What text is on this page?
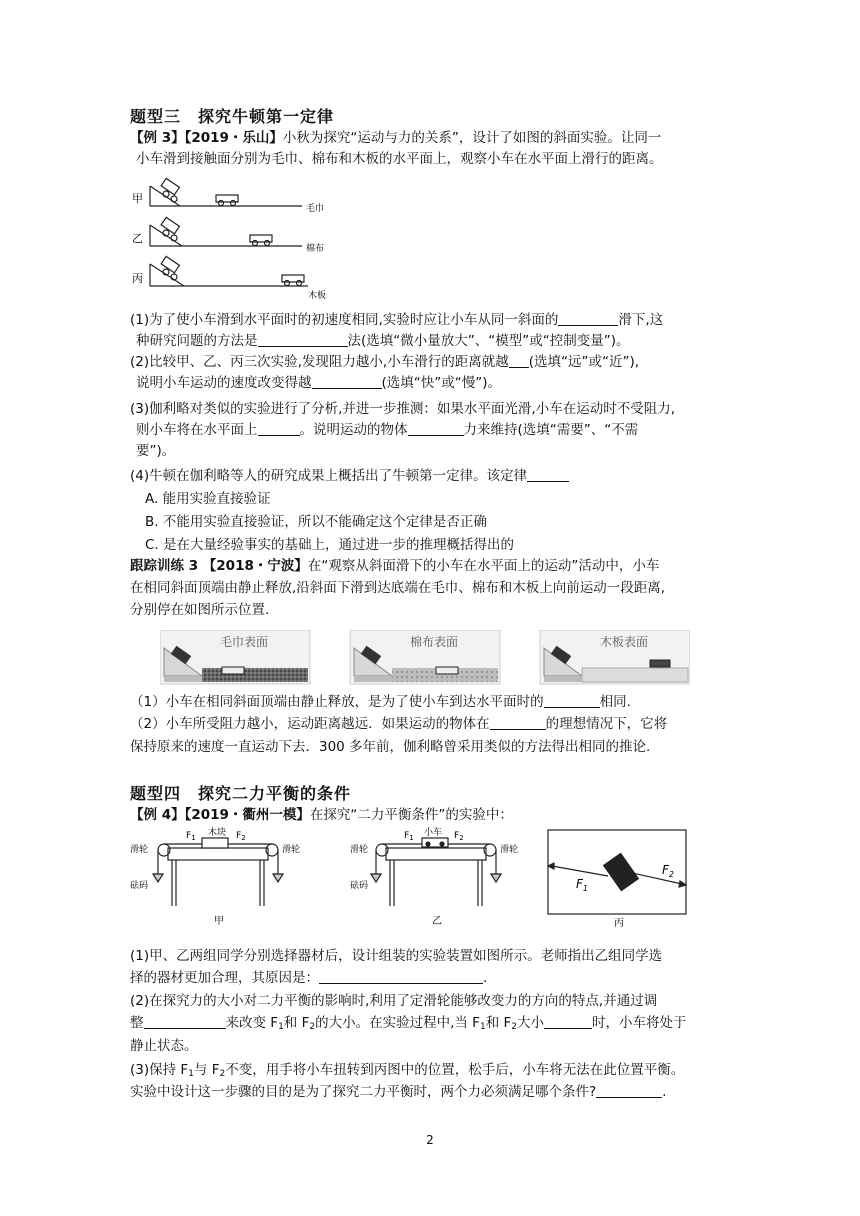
题型三　探究牛顿第一定律
【例 3】【2019・乐山】小秋为探究“运动与力的关系”，设计了如图的斜面实验。让同一
小车滑到接触面分别为毛巾、棉布和木板的水平面上，观察小车在水平面上滑行的距离。
甲
乙
丙
毛巾
棉布
木板
(1)为了使小车滑到水平面时的初速度相同,实验时应让小车从同一斜面的	滑下,这
种研究问题的方法是	法(选填“微小量放大”、“模型”或“控制变量”)。
(2)比较甲、乙、丙三次实验,发现阻力越小,小车滑行的距离就越 (选填“远”或“近”),
说明小车运动的速度改变得越	(选填“快”或“慢”)。
(3)伽利略对类似的实验进行了分析,并进一步推测：如果水平面光滑,小车在运动时不受阻力,
则小车将在水平面上	。说明运动的物体	力来维持(选填“需要”、“不需
要”)。
(4)牛顿在伽利略等人的研究成果上概括出了牛顿第一定律。该定律
A. 能用实验直接验证
B. 不能用实验直接验证，所以不能确定这个定律是否正确
C. 是在大量经验事实的基础上，通过进一步的推理概括得出的
跟踪训练 3 【2018・宁波】在“观察从斜面滑下的小车在水平面上的运动”活动中，小车
在相同斜面顶端由静止释放,沿斜面下滑到达底端在毛巾、棉布和木板上向前运动一段距离,
分别停在如图所示位置.
毛巾表面	棉布表面	木板表面
（1）小车在相同斜面顶端由静止释放，是为了使小车到达水平面时的	相同.
（2）小车所受阻力越小，运动距离越远．如果运动的物体在	的理想情况下，它将
保持原来的速度一直运动下去．300 多年前，伽利略曾采用类似的方法得出相同的推论.
题型四　探究二力平衡的条件
【例 4】【2019・衢州一模】在探究“二力平衡条件”的实验中：
滑轮	滑轮
砝码
木块
$F_1$	$F_2$
甲
滑轮	滑轮
砝码
小车
$F_1$	$F_2$
乙
$F_1$
$F_2$
丙
(1)甲、乙两组同学分别选择器材后，设计组装的实验装置如图所示。老师指出乙组同学选
择的器材更加合理，其原因是：	.
(2)在探究力的大小对二力平衡的影响时,利用了定滑轮能够改变力的方向的特点,并通过调
整	来改变 $F_1$和 $F_2$的大小。在实验过程中,当 $F_1$和 $F_2$大小	时，小车将处于
静止状态。
(3)保持 $F_1$与 $F_2$不变，用手将小车扭转到丙图中的位置，松手后，小车将无法在此位置平衡。
实验中设计这一步骤的目的是为了探究二力平衡时，两个力必须满足哪个条件?	.
2
